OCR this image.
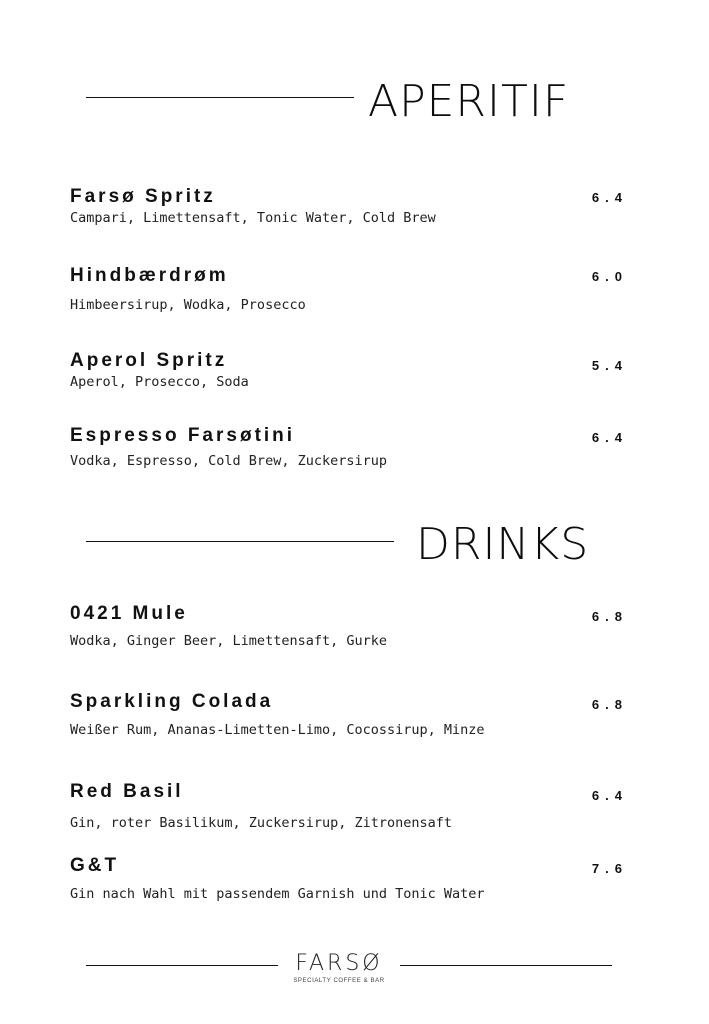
APERITIF
Farsø Spritz	6.4
Campari, Limettensaft, Tonic Water, Cold Brew
Hindbærdrøm	6.0
Himbeersirup, Wodka, Prosecco
Aperol Spritz	5.4
Aperol, Prosecco, Soda
Espresso Farsøtini	6.4
Vodka, Espresso, Cold Brew, Zuckersirup
DRINKS
0421 Mule	6.8
Wodka, Ginger Beer, Limettensaft, Gurke
Sparkling Colada	6.8
Weißer Rum, Ananas-Limetten-Limo, Cocossirup, Minze
Red Basil	6.4
Gin, roter Basilikum, Zuckersirup, Zitronensaft
G&T	7.6
Gin nach Wahl mit passendem Garnish und Tonic Water
FARSØ
SPECIALTY COFFEE & BAR
